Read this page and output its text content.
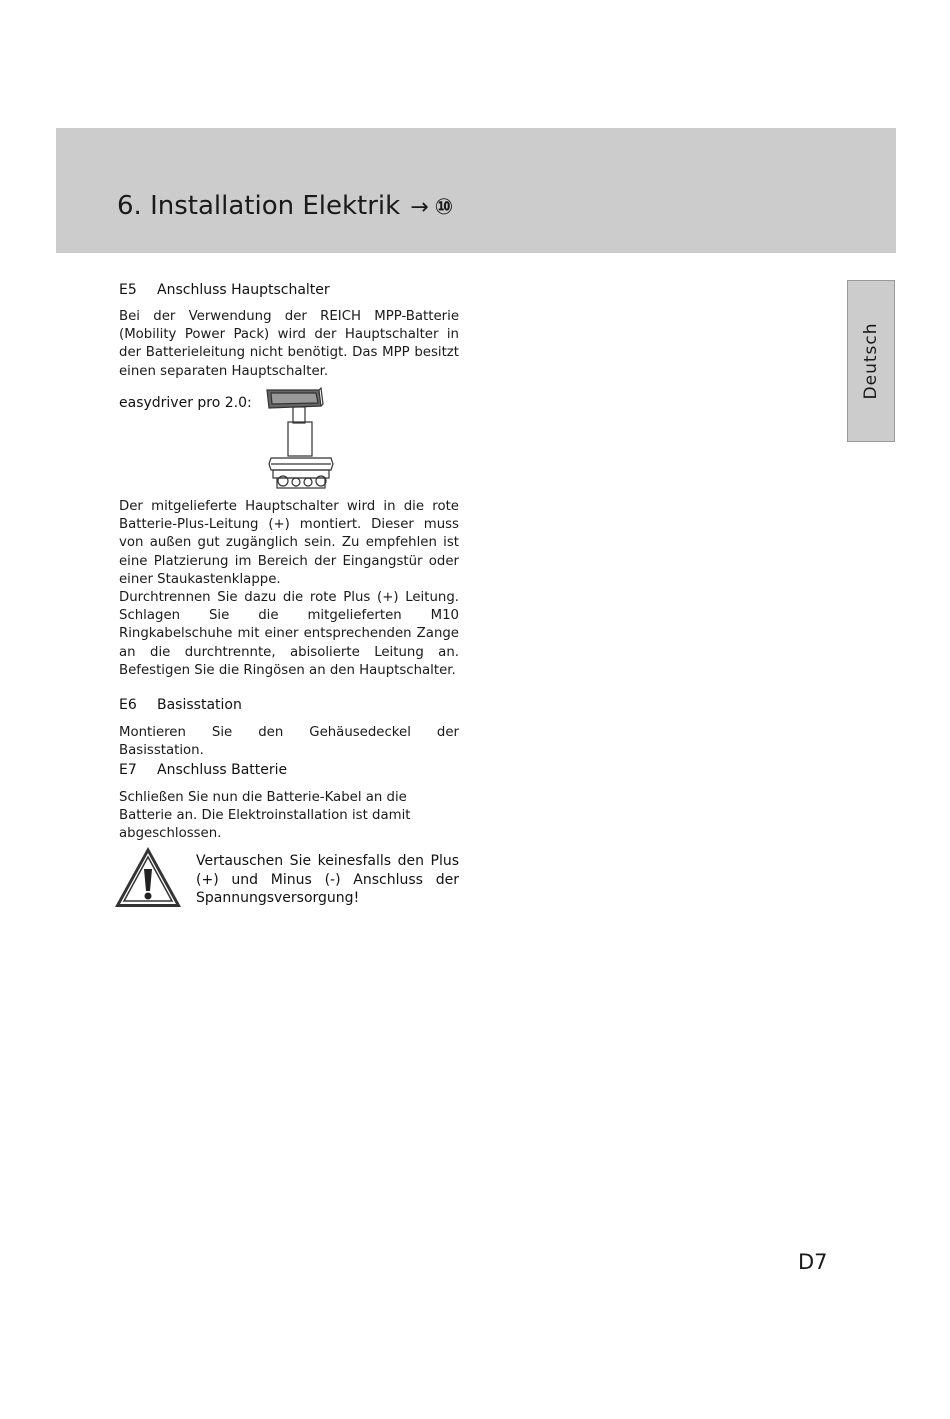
6. Installation Elektrik → ⑩
Deutsch
E5 Anschluss Hauptschalter

Bei der Verwendung der REICH MPP-Batterie (Mobility Power Pack) wird der Hauptschalter in der Batterieleitung nicht benötigt. Das MPP besitzt einen separaten Hauptschalter.

easydriver pro 2.0:

Der mitgelieferte Hauptschalter wird in die rote Batterie-Plus-Leitung (+) montiert. Dieser muss von außen gut zugänglich sein. Zu empfehlen ist eine Platzierung im Bereich der Eingangstür oder einer Staukastenklappe.

Durchtrennen Sie dazu die rote Plus (+) Leitung. Schlagen Sie die mitgelieferten M10 Ringkabelschuhe mit einer entsprechenden Zange an die durchtrennte, abisolierte Leitung an. Befestigen Sie die Ringösen an den Hauptschalter.

E6 Basisstation

Montieren Sie den Gehäusedeckel der Basisstation.

E7 Anschluss Batterie

Schließen Sie nun die Batterie-Kabel an die Batterie an. Die Elektroinstallation ist damit abgeschlossen.

Vertauschen Sie keinesfalls den Plus (+) und Minus (-) Anschluss der Spannungsversorgung!

D7
